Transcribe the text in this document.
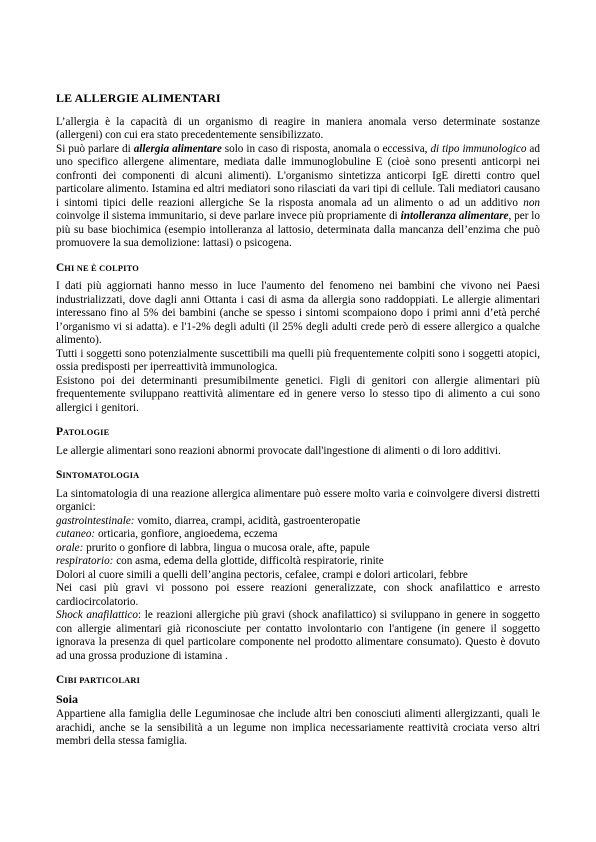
LE ALLERGIE ALIMENTARI

L’allergia è la capacità di un organismo di reagire in maniera anomala verso determinate sostanze (allergeni) con cui era stato precedentemente sensibilizzato.

Si può parlare di allergia alimentare solo in caso di risposta, anomala o eccessiva, di tipo immunologico ad uno specifico allergene alimentare, mediata dalle immunoglobuline E (cioè sono presenti anticorpi nei confronti dei componenti di alcuni alimenti). L'organismo sintetizza anticorpi IgE diretti contro quel particolare alimento. Istamina ed altri mediatori sono rilasciati da vari tipi di cellule. Tali mediatori causano i sintomi tipici delle reazioni allergiche Se la risposta anomala ad un alimento o ad un additivo non coinvolge il sistema immunitario, si deve parlare invece più propriamente di intolleranza alimentare, per lo più su base biochimica (esempio intolleranza al lattosio, determinata dalla mancanza dell’enzima che può promuovere la sua demolizione: lattasi) o psicogena.

CHI NE È COLPITO

I dati più aggiornati hanno messo in luce l'aumento del fenomeno nei bambini che vivono nei Paesi industrializzati, dove dagli anni Ottanta i casi di asma da allergia sono raddoppiati. Le allergie alimentari interessano fino al 5% dei bambini (anche se spesso i sintomi scompaiono dopo i primi anni d’età perché l’organismo vi si adatta). e l'1-2% degli adulti (il 25% degli adulti crede però di essere allergico a qualche alimento).

Tutti i soggetti sono potenzialmente suscettibili ma quelli più frequentemente colpiti sono i soggetti atopici, ossia predisposti per iperreattività immunologica.

Esistono poi dei determinanti presumibilmente genetici. Figli di genitori con allergie alimentari più frequentemente sviluppano reattività alimentare ed in genere verso lo stesso tipo di alimento a cui sono allergici i genitori.

PATOLOGIE

Le allergie alimentari sono reazioni abnormi provocate dall'ingestione di alimenti o di loro additivi.

SINTOMATOLOGIA

La sintomatologia di una reazione allergica alimentare può essere molto varia e coinvolgere diversi distretti organici:

gastrointestinale: vomito, diarrea, crampi, acidità, gastroenteropatie

cutaneo: orticaria, gonfiore, angioedema, eczema

orale: prurito o gonfiore di labbra, lingua o mucosa orale, afte, papule

respiratorio: con asma, edema della glottide, difficoltà respiratorie, rinite

Dolori al cuore simili a quelli dell’angina pectoris, cefalee, crampi e dolori articolari, febbre

Nei casi più gravi vi possono poi essere reazioni generalizzate, con shock anafilattico e arresto cardiocircolatorio.

Shock anafilattico: le reazioni allergiche più gravi (shock anafilattico) si sviluppano in genere in soggetto con allergie alimentari già riconosciute per contatto involontario con l'antigene (in genere il soggetto ignorava la presenza di quel particolare componente nel prodotto alimentare consumato). Questo è dovuto ad una grossa produzione di istamina .

CIBI PARTICOLARI
Soia

Appartiene alla famiglia delle Leguminosae che include altri ben conosciuti alimenti allergizzanti, quali le arachidi, anche se la sensibilità a un legume non implica necessariamente reattività crociata verso altri membri della stessa famiglia.
